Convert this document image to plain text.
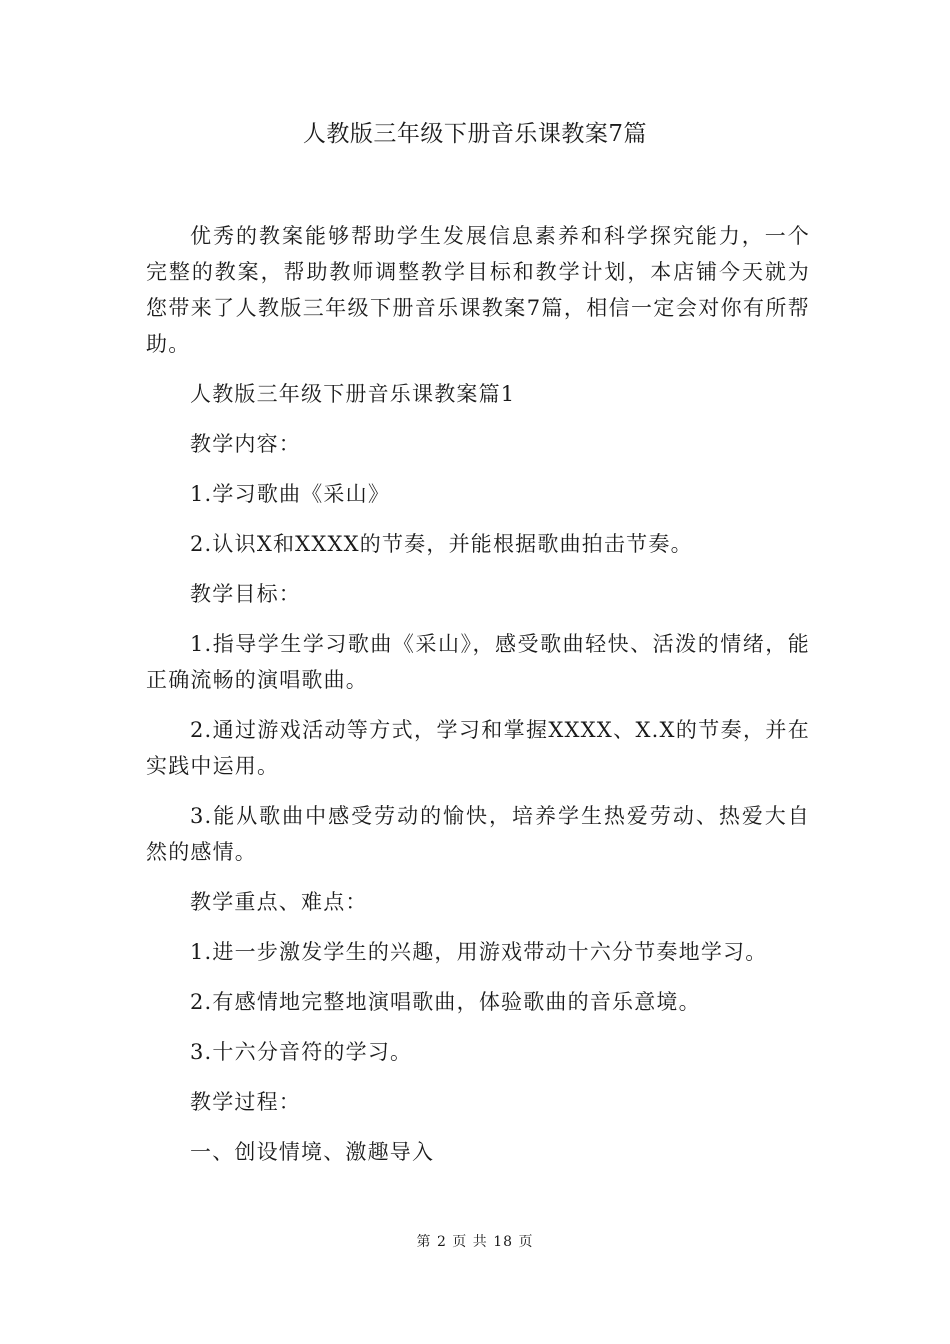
人教版三年级下册音乐课教案7篇

优秀的教案能够帮助学生发展信息素养和科学探究能力，一个完整的教案，帮助教师调整教学目标和教学计划，本店铺今天就为您带来了人教版三年级下册音乐课教案7篇，相信一定会对你有所帮助。

人教版三年级下册音乐课教案篇1

教学内容：

1.学习歌曲《采山》

2.认识X和XXXX的节奏，并能根据歌曲拍击节奏。

教学目标：

1.指导学生学习歌曲《采山》，感受歌曲轻快、活泼的情绪，能正确流畅的演唱歌曲。

2.通过游戏活动等方式，学习和掌握XXXX、X.X的节奏，并在实践中运用。

3.能从歌曲中感受劳动的愉快，培养学生热爱劳动、热爱大自然的感情。

教学重点、难点：

1.进一步激发学生的兴趣，用游戏带动十六分节奏地学习。

2.有感情地完整地演唱歌曲，体验歌曲的音乐意境。

3.十六分音符的学习。

教学过程：

一、创设情境、激趣导入

第 2 页 共 18 页
